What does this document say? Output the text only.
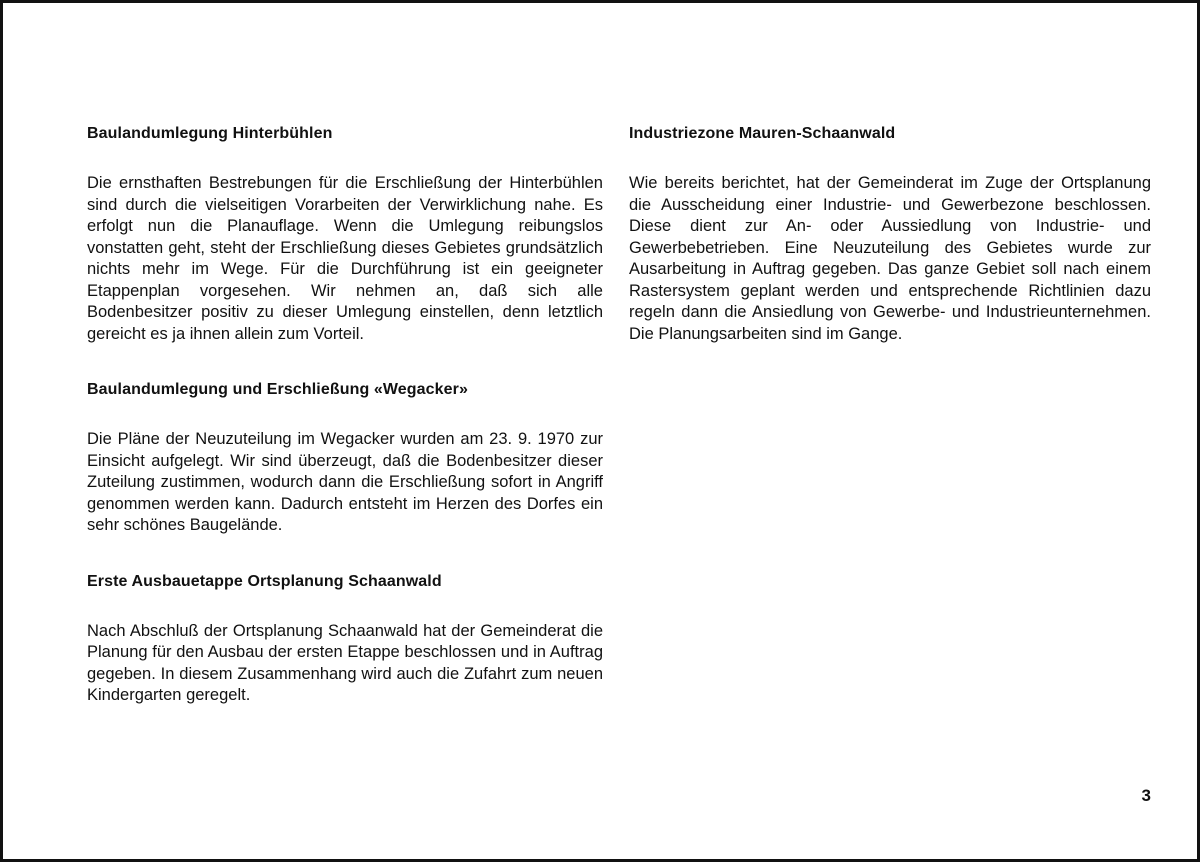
Baulandumlegung Hinterbühlen

Die ernsthaften Bestrebungen für die Erschließung der Hinterbühlen sind durch die vielseitigen Vorarbeiten der Verwirklichung nahe. Es erfolgt nun die Planauflage. Wenn die Umlegung reibungslos vonstatten geht, steht der Erschließung dieses Gebietes grundsätzlich nichts mehr im Wege. Für die Durchführung ist ein geeigneter Etappenplan vorgesehen. Wir nehmen an, daß sich alle Bodenbesitzer positiv zu dieser Umlegung einstellen, denn letztlich gereicht es ja ihnen allein zum Vorteil.

Baulandumlegung und Erschließung «Wegacker»

Die Pläne der Neuzuteilung im Wegacker wurden am 23. 9. 1970 zur Einsicht aufgelegt. Wir sind überzeugt, daß die Bodenbesitzer dieser Zuteilung zustimmen, wodurch dann die Erschließung sofort in Angriff genommen werden kann. Dadurch entsteht im Herzen des Dorfes ein sehr schönes Baugelände.

Erste Ausbauetappe Ortsplanung Schaanwald

Nach Abschluß der Ortsplanung Schaanwald hat der Gemeinderat die Planung für den Ausbau der ersten Etappe beschlossen und in Auftrag gegeben. In diesem Zusammenhang wird auch die Zufahrt zum neuen Kindergarten geregelt.

Industriezone Mauren-Schaanwald

Wie bereits berichtet, hat der Gemeinderat im Zuge der Ortsplanung die Ausscheidung einer Industrie- und Gewerbezone beschlossen. Diese dient zur An- oder Aussiedlung von Industrie- und Gewerbebetrieben. Eine Neuzuteilung des Gebietes wurde zur Ausarbeitung in Auftrag gegeben. Das ganze Gebiet soll nach einem Rastersystem geplant werden und entsprechende Richtlinien dazu regeln dann die Ansiedlung von Gewerbe- und Industrieunternehmen. Die Planungsarbeiten sind im Gange.

3
